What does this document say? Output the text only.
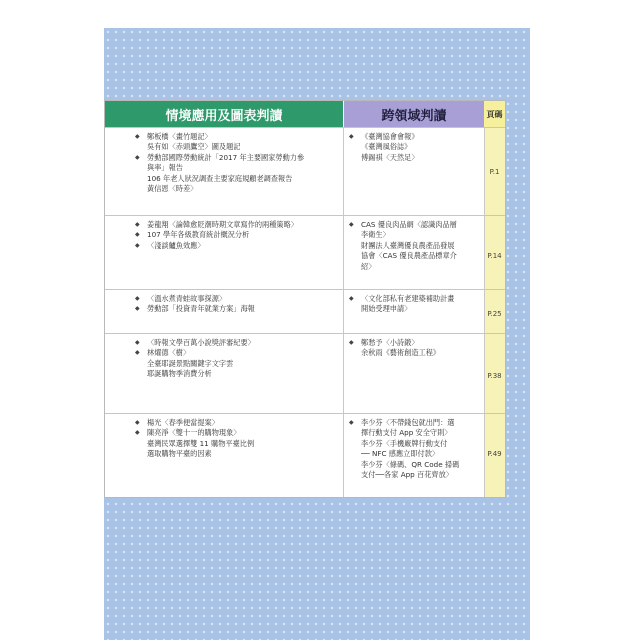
情境應用及圖表判讀	跨領域判讀	頁碼
◆ 鄭板橋〈畫竹題記〉
吳有如〈赤頭鷹空〉圖及題記
◆ 勞動部國際勞動統計「2017 年主要國家勞動力參
與率」報告
106 年老人狀況調查主要家庭規顧老調查報告
黃信恩〈時差〉
◆ 《臺灣協會會報》
《臺灣風俗誌》
傅錫祺〈天然足〉
P.1
◆ 姜龍翔〈論韓愈貶潮時期文章寫作的兩種策略〉
◆ 107 學年各級教育統計概況分析
◆ 〈淺談鱸魚效應〉
◆ CAS 優良肉品網〈認識肉品層
李衛生〉
財團法人臺灣優良農產品發展
協會〈CAS 優良農產品標章介
紹〉
P.14
◆ 〈溫水煮青蛙故事探源〉
◆ 勞動部「投資青年就業方案」海報
◆ 〈文化部私有老建築補助計畫
開始受理申請〉
P.25
◆ 〈時報文學百萬小說獎評審紀要〉
◆ 林燿德〈樹〉
全臺耶誕景點關鍵字文字雲
耶誕購物季消費分析
◆ 鄭愁予〈小詩鍛〉
余秋雨《藝術創造工程》
P.38
◆ 楊光〈春季便當提案〉
◆ 陳亮淨〈雙十一的購物現象〉
臺灣民眾選擇雙 11 購物平臺比例
選取購物平臺的因素
◆ 李少芬〈不帶錢包就出門：選
擇行動支付 App 安全守則〉
李少芬〈手機廠牌行動支付
── NFC 感應立即付款〉
李少芬〈條碼、QR Code 掃碼
支付──各家 App 百花齊放〉
P.49
